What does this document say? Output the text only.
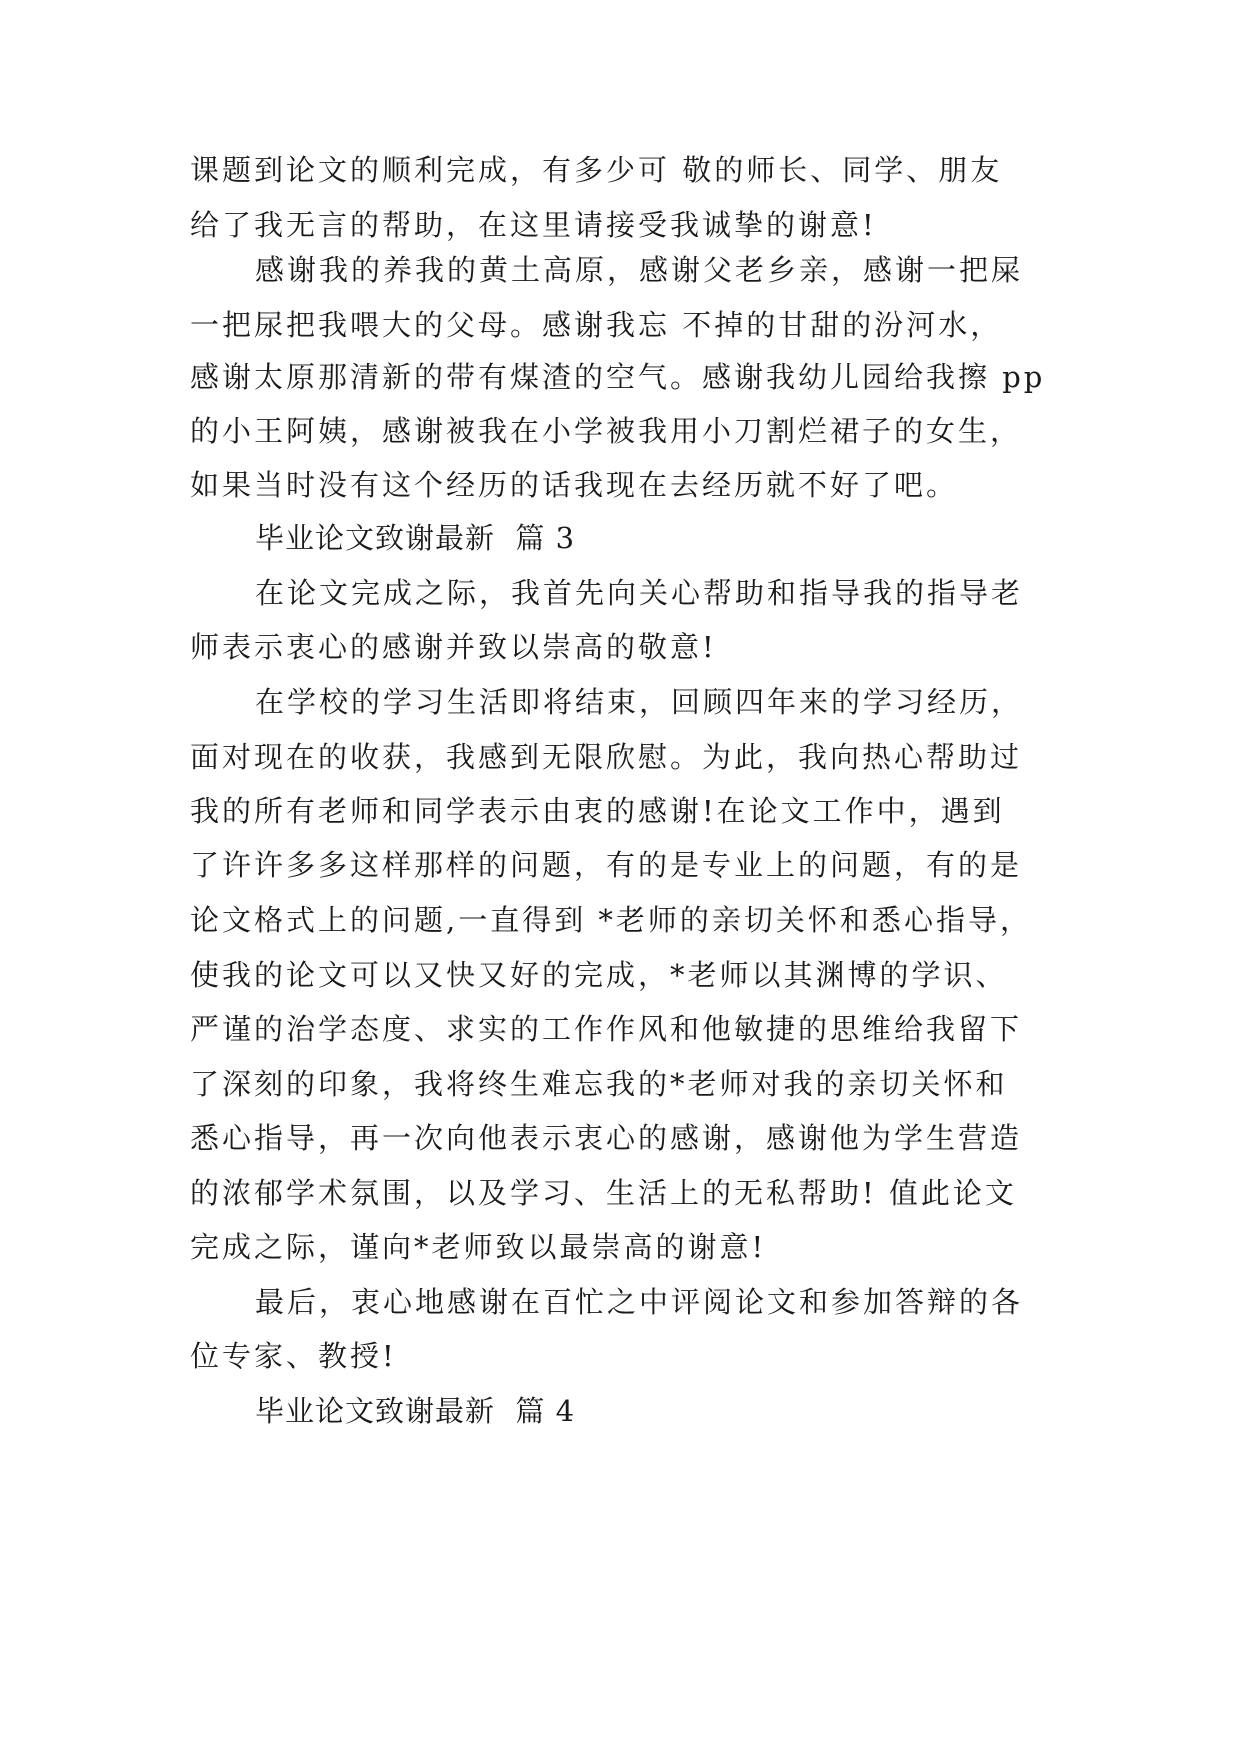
课题到论文的顺利完成，有多少可 敬的师长、同学、朋友

给了我无言的帮助，在这里请接受我诚挚的谢意!

感谢我的养我的黄土高原，感谢父老乡亲，感谢一把屎

一把尿把我喂大的父母。感谢我忘 不掉的甘甜的汾河水，

感谢太原那清新的带有煤渣的空气。感谢我幼儿园给我擦 pp

的小王阿姨，感谢被我在小学被我用小刀割烂裙子的女生，

如果当时没有这个经历的话我现在去经历就不好了吧。

毕业论文致谢最新  篇 3

在论文完成之际，我首先向关心帮助和指导我的指导老

师表示衷心的感谢并致以崇高的敬意!

在学校的学习生活即将结束，回顾四年来的学习经历，

面对现在的收获，我感到无限欣慰。为此，我向热心帮助过

我的所有老师和同学表示由衷的感谢!在论文工作中，遇到

了许许多多这样那样的问题，有的是专业上的问题，有的是

论文格式上的问题,一直得到 *老师的亲切关怀和悉心指导，

使我的论文可以又快又好的完成，*老师以其渊博的学识、

严谨的治学态度、求实的工作作风和他敏捷的思维给我留下

了深刻的印象，我将终生难忘我的*老师对我的亲切关怀和

悉心指导，再一次向他表示衷心的感谢，感谢他为学生营造

的浓郁学术氛围，以及学习、生活上的无私帮助! 值此论文

完成之际，谨向*老师致以最崇高的谢意!

最后，衷心地感谢在百忙之中评阅论文和参加答辩的各

位专家、教授!

毕业论文致谢最新  篇 4
